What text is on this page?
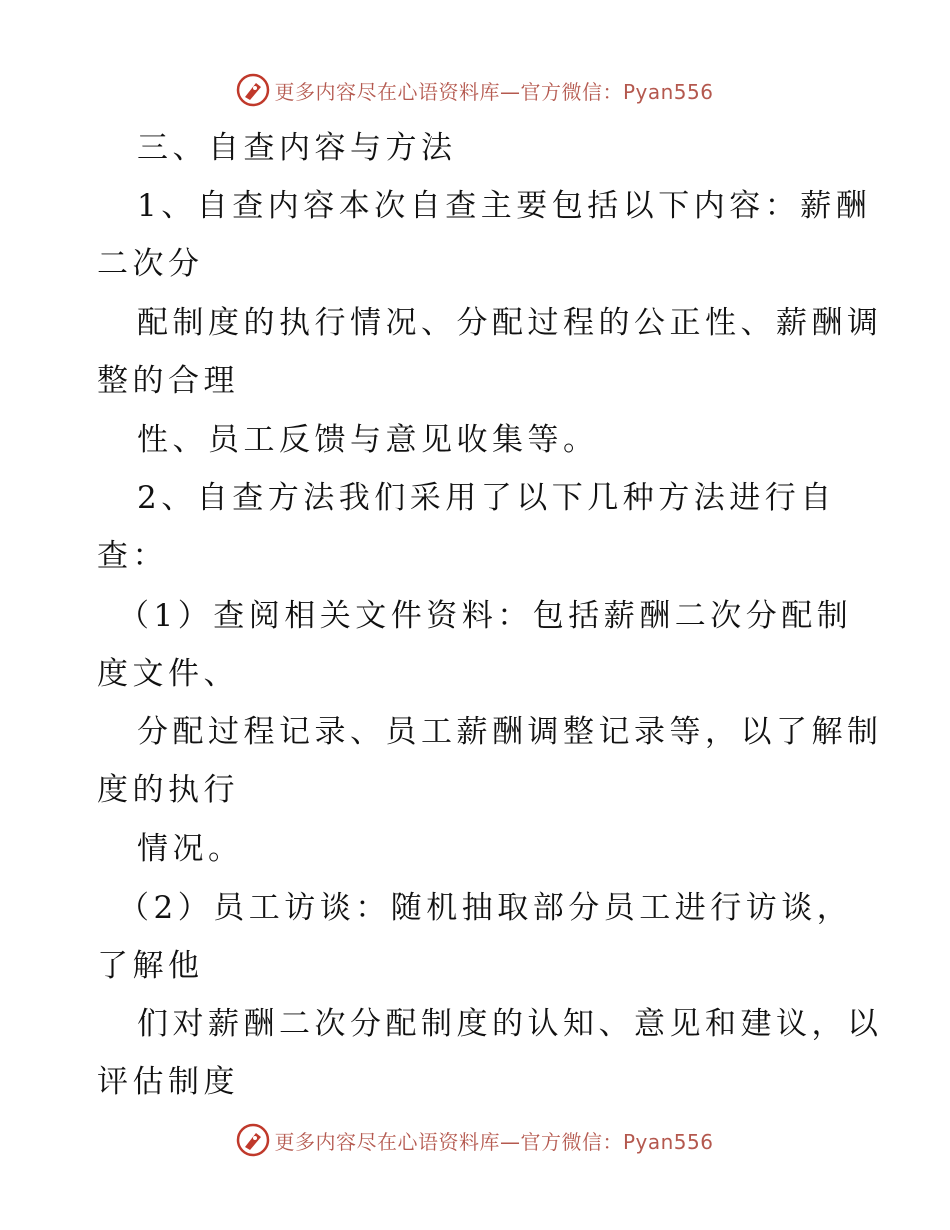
更多内容尽在心语资料库—官方微信：Pyan556
三、自查内容与方法
1、自查内容本次自查主要包括以下内容：薪酬
二次分
配制度的执行情况、分配过程的公正性、薪酬调
整的合理
性、员工反馈与意见收集等。
2、自查方法我们采用了以下几种方法进行自
查：
（1）查阅相关文件资料：包括薪酬二次分配制
度文件、
分配过程记录、员工薪酬调整记录等，以了解制
度的执行
情况。
（2）员工访谈：随机抽取部分员工进行访谈，
了解他
们对薪酬二次分配制度的认知、意见和建议，以
评估制度
更多内容尽在心语资料库—官方微信：Pyan556
